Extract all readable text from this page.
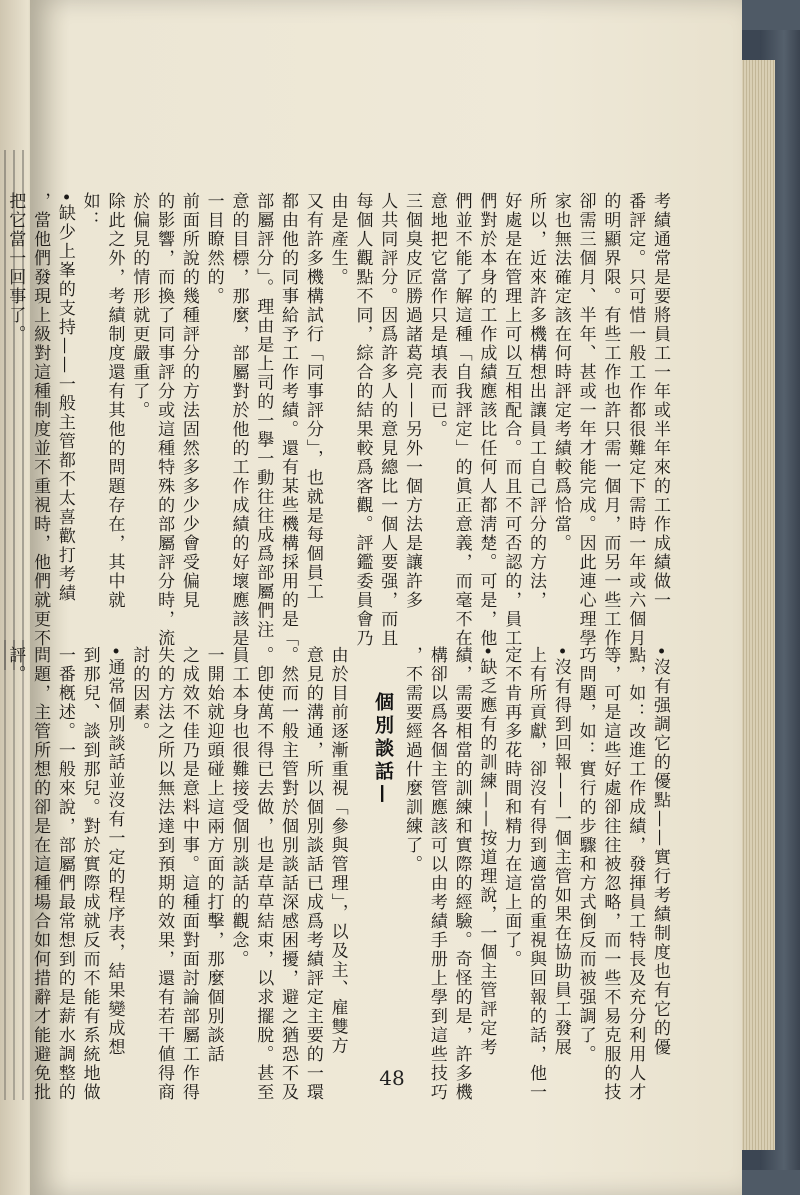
考績通常是要將員工一年或半年來的工作成績做一

番評定。只可惜一般工作都很難定下需時一年或六個月

的明顯界限。有些工作也許只需一個月，而另一些工作

卻需三個月、半年、甚或一年才能完成。因此連心理學

家也無法確定該在何時評定考績較爲恰當。

所以，近來許多機構想出讓員工自己評分的方法，

好處是在管理上可以互相配合。而且不可否認的，員工

們對於本身的工作成績應該比任何人都淸楚。可是，他

們並不能了解這種「自我評定」的眞正意義，而毫不在

意地把它當作只是填表而已。

三個臭皮匠勝過諸葛亮——另外一個方法是讓許多

人共同評分。因爲許多人的意見總比一個人要强，而且

每個人觀點不同，綜合的結果較爲客觀。評鑑委員會乃

由是產生。

又有許多機構試行「同事評分」，也就是每個員工

都由他的同事給予工作考績。還有某些機構採用的是「

部屬評分」。理由是上司的一擧一動往往成爲部屬們注

意的目標，那麼，部屬對於他的工作成績的好壞應該是

一目瞭然的。

前面所說的幾種評分的方法固然多多少少會受偏見

的影響，而換了同事評分或這種特殊的部屬評分時，流

於偏見的情形就更嚴重了。

除此之外，考績制度還有其他的問題存在，其中就

如：

•缺少上峯的支持——一般主管都不太喜歡打考績

，當他們發現上級對這種制度並不重視時，他們就更不

把它當一回事了。

個別談話—	•沒有强調它的優點——實行考績制度也有它的優

點，如：改進工作成績，發揮員工特長及充分利用人才

等，可是這些好處卻往往被忽略，而一些不易克服的技

巧問題，如：實行的步驟和方式倒反而被强調了。

•沒有得到回報——一個主管如果在協助員工發展

上有所貢獻，卻沒有得到適當的重視與回報的話，他一

定不肯再多花時間和精力在這上面了。

•缺乏應有的訓練——按道理說，一個主管評定考

績，需要相當的訓練和實際的經驗。奇怪的是，許多機

構卻以爲各個主管應該可以由考績手册上學到這些技巧

，不需要經過什麼訓練了。

由於目前逐漸重視「參與管理」，以及主、雇雙方

意見的溝通，所以個別談話已成爲考績評定主要的一環

。然而一般主管對於個別談話深感困擾，避之猶恐不及

。卽使萬不得已去做，也是草草結束，以求擺脫。甚至

員工本身也很難接受個別談話的觀念。

一開始就迎頭碰上這兩方面的打擊，那麼個別談話

之成效不佳乃是意料中事。這種面對面討論部屬工作得

失的方法之所以無法達到預期的效果，還有若干値得商

討的因素。

•通常個別談話並沒有一定的程序表，結果變成想

到那兒、談到那兒。對於實際成就反而不能有系統地做

一番槪述。一般來說，部屬們最常想到的是薪水調整的

問題，主管所想的卻是在這種場合如何措辭才能避免批

評。

48
